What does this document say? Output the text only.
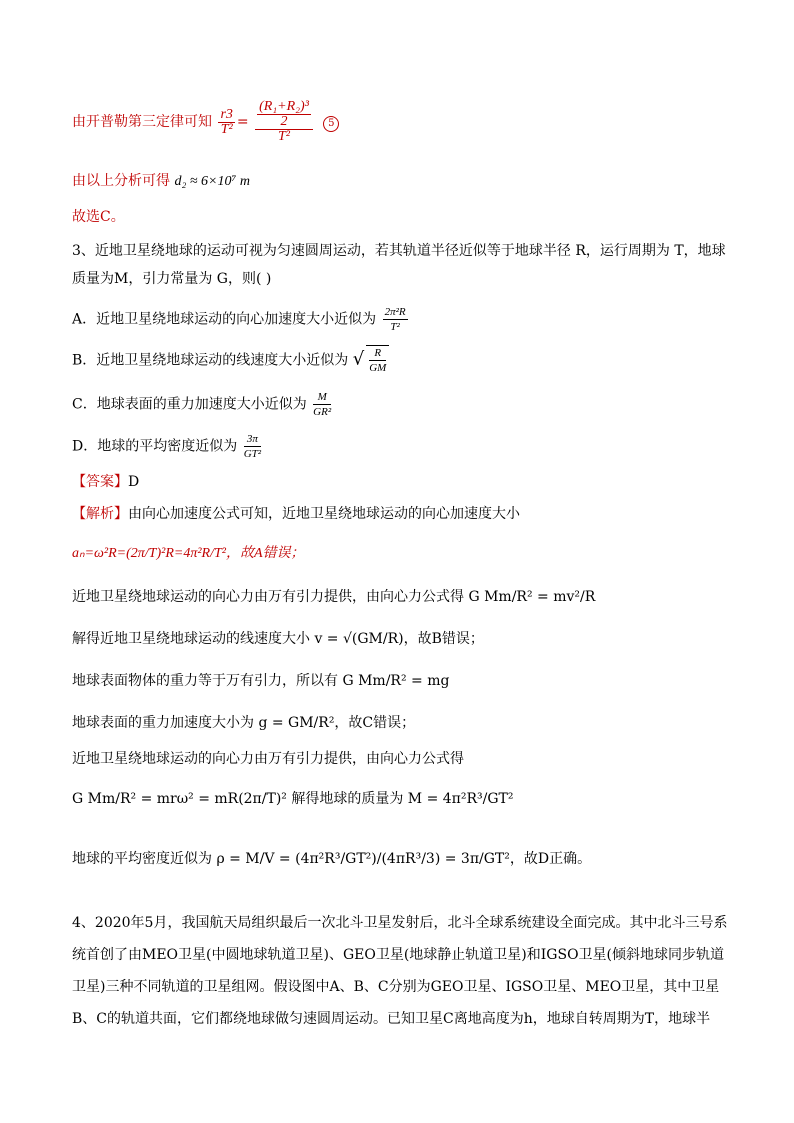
由开普勒第三定律可知 $\frac{r3}{\text{T²}} = \frac{\frac{\text{(R₁+R₂)³}}{2}}{\text{T²}} 5$
由以上分析可得 d₂ ≈ 6×10⁷ m
故选C。
3、近地卫星绕地球的运动可视为匀速圆周运动，若其轨道半径近似等于地球半径 R，运行周期为 T，地球
质量为M，引力常量为 G，则( )
A．近地卫星绕地球运动的向心加速度大小近似为 $\frac{\text{2π²R}}{\text{T²}}$
B．近地卫星绕地球运动的线速度大小近似为 √ $\frac{R}{GM}$
C．地球表面的重力加速度大小近似为 $\frac{M}{\text{GR²}}$
D．地球的平均密度近似为 $\frac{3\pi}{\text{GT²}}$
【答案】D
【解析】由向心加速度公式可知，近地卫星绕地球运动的向心加速度大小
aₙ=ω²R=(2π/T)²R=4π²R/T²，故A错误；
近地卫星绕地球运动的向心力由万有引力提供，由向心力公式得 G Mm/R² = mv²/R
解得近地卫星绕地球运动的线速度大小 v = √(GM/R)，故B错误；
地球表面物体的重力等于万有引力，所以有 G Mm/R² = mg
地球表面的重力加速度大小为 g = GM/R²，故C错误；
近地卫星绕地球运动的向心力由万有引力提供，由向心力公式得
G Mm/R² = mrω² = mR(2π/T)² 解得地球的质量为 M = 4π²R³/GT²
地球的平均密度近似为 ρ = M/V = (4π²R³/GT²)/(4πR³/3) = 3π/GT²，故D正确。
4、2020年5月，我国航天局组织最后一次北斗卫星发射后，北斗全球系统建设全面完成。其中北斗三号系
统首创了由MEO卫星(中圆地球轨道卫星)、GEO卫星(地球静止轨道卫星)和IGSO卫星(倾斜地球同步轨道
卫星)三种不同轨道的卫星组网。假设图中A、B、C分别为GEO卫星、IGSO卫星、MEO卫星，其中卫星
B、C的轨道共面，它们都绕地球做匀速圆周运动。已知卫星C离地高度为h，地球自转周期为T，地球半
